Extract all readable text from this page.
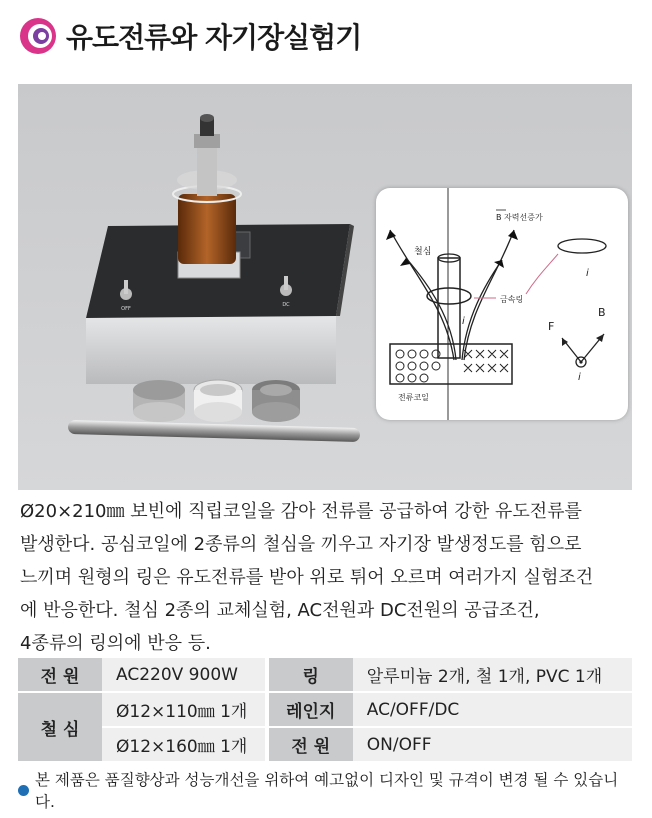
유도전류와 자기장실험기
OFF
DC
철심
i
전류코일
B 자력선증가
i
금속링
F
B
i

Ø20×210㎜ 보빈에 직립코일을 감아 전류를 공급하여 강한 유도전류를

발생한다. 공심코일에 2종류의 철심을 끼우고 자기장 발생정도를 힘으로

느끼며 원형의 링은 유도전류를 받아 위로 튀어 오르며 여러가지 실험조건

에 반응한다. 철심 2종의 교체실험, AC전원과 DC전원의 공급조건,

4종류의 링의에 반응 등.

전 원	AC220V 900W		링	알루미늄 2개, 철 1개, PVC 1개
철 심	Ø12×110㎜ 1개		레인지	AC/OFF/DC
	Ø12×160㎜ 1개		전 원	ON/OFF
본 제품은 품질향상과 성능개선을 위하여 예고없이 디자인 및 규격이 변경 될 수 있습니다.
